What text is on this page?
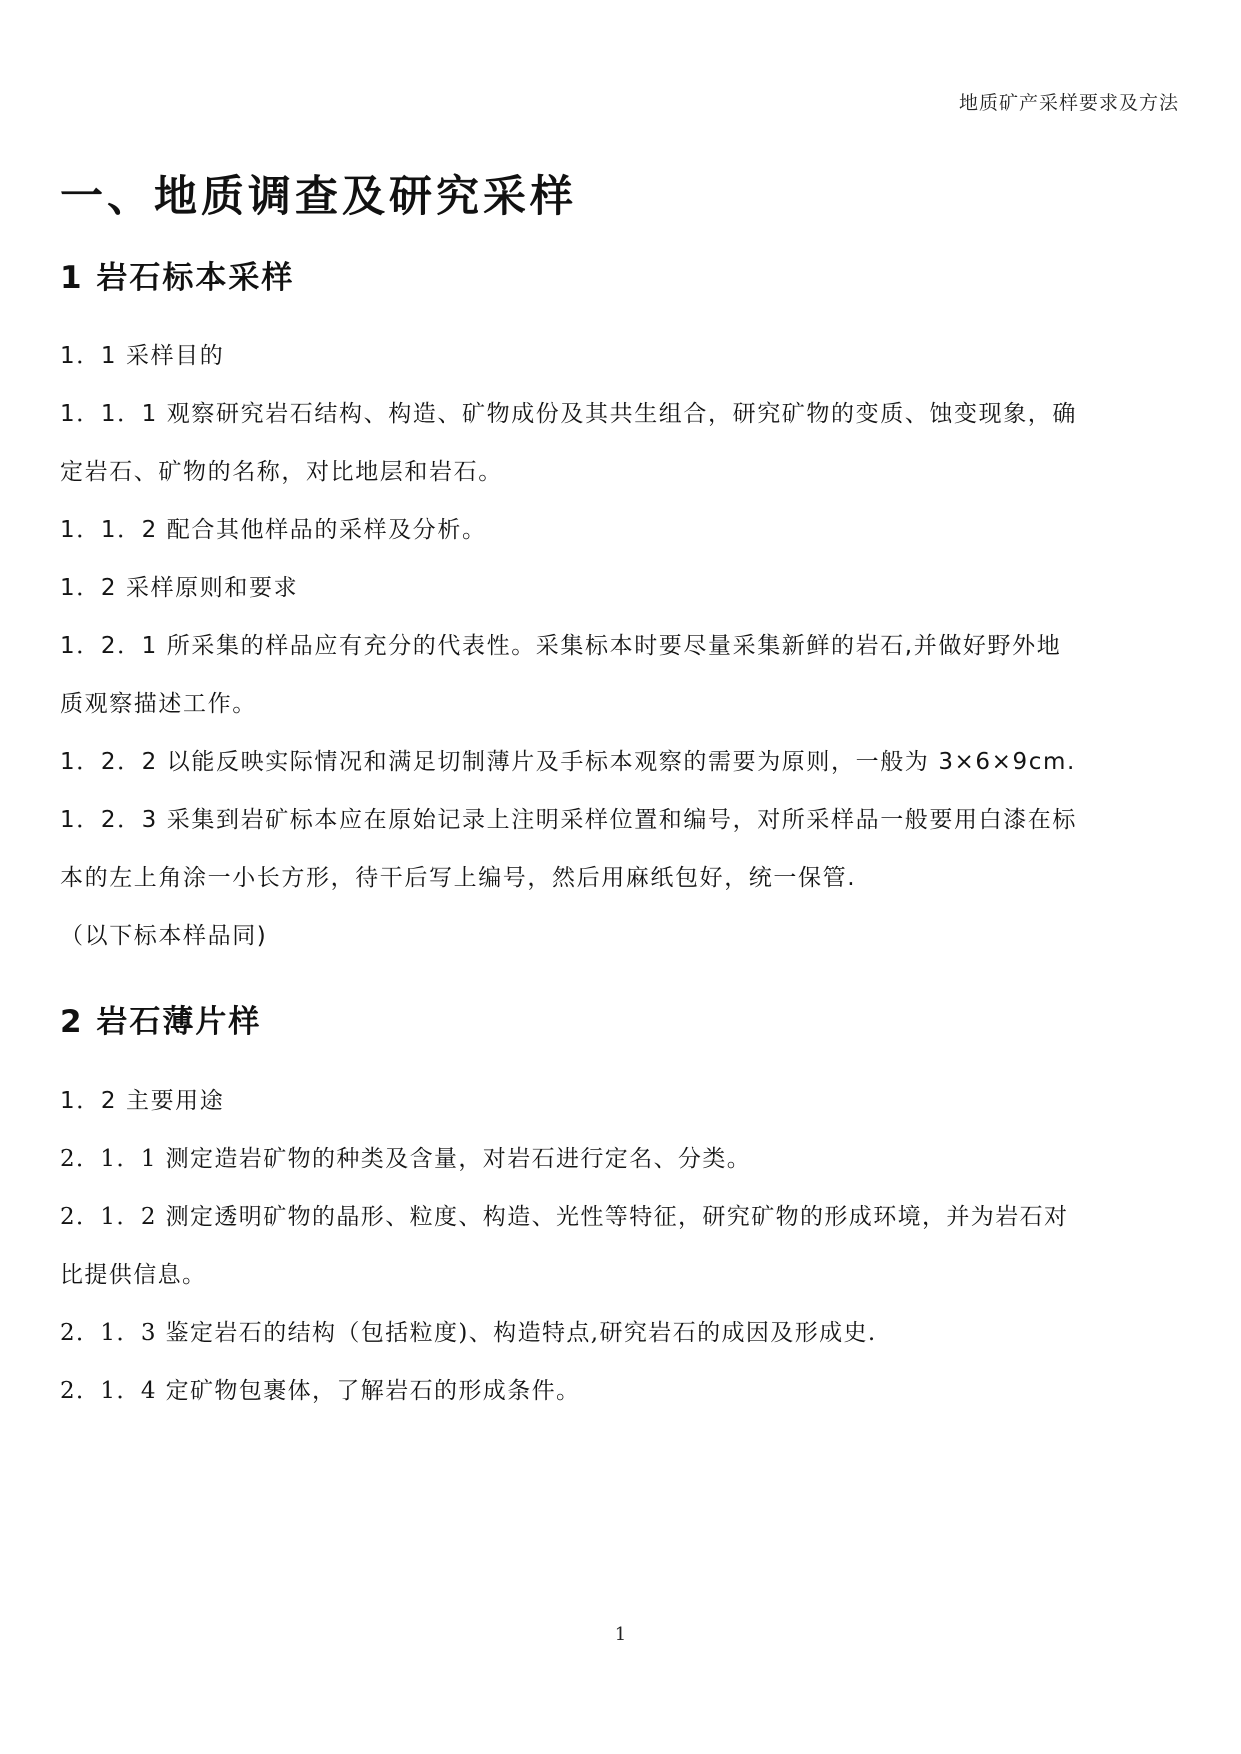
地质矿产采样要求及方法
一、地质调查及研究采样
1 岩石标本采样
1．1 采样目的
1．1．1 观察研究岩石结构、构造、矿物成份及其共生组合，研究矿物的变质、蚀变现象，确
定岩石、矿物的名称，对比地层和岩石。
1．1．2 配合其他样品的采样及分析。
1．2 采样原则和要求
1．2．1 所采集的样品应有充分的代表性。采集标本时要尽量采集新鲜的岩石,并做好野外地
质观察描述工作。
1．2．2 以能反映实际情况和满足切制薄片及手标本观察的需要为原则，一般为 3×6×9cm.
1．2．3 采集到岩矿标本应在原始记录上注明采样位置和编号，对所采样品一般要用白漆在标
本的左上角涂一小长方形，待干后写上编号，然后用麻纸包好，统一保管.
（以下标本样品同)
2 岩石薄片样
1．2 主要用途
2．1．1 测定造岩矿物的种类及含量，对岩石进行定名、分类。
2．1．2 测定透明矿物的晶形、粒度、构造、光性等特征，研究矿物的形成环境，并为岩石对
比提供信息。
2．1．3 鉴定岩石的结构（包括粒度)、构造特点,研究岩石的成因及形成史.
2．1．4 定矿物包裹体，了解岩石的形成条件。
1
